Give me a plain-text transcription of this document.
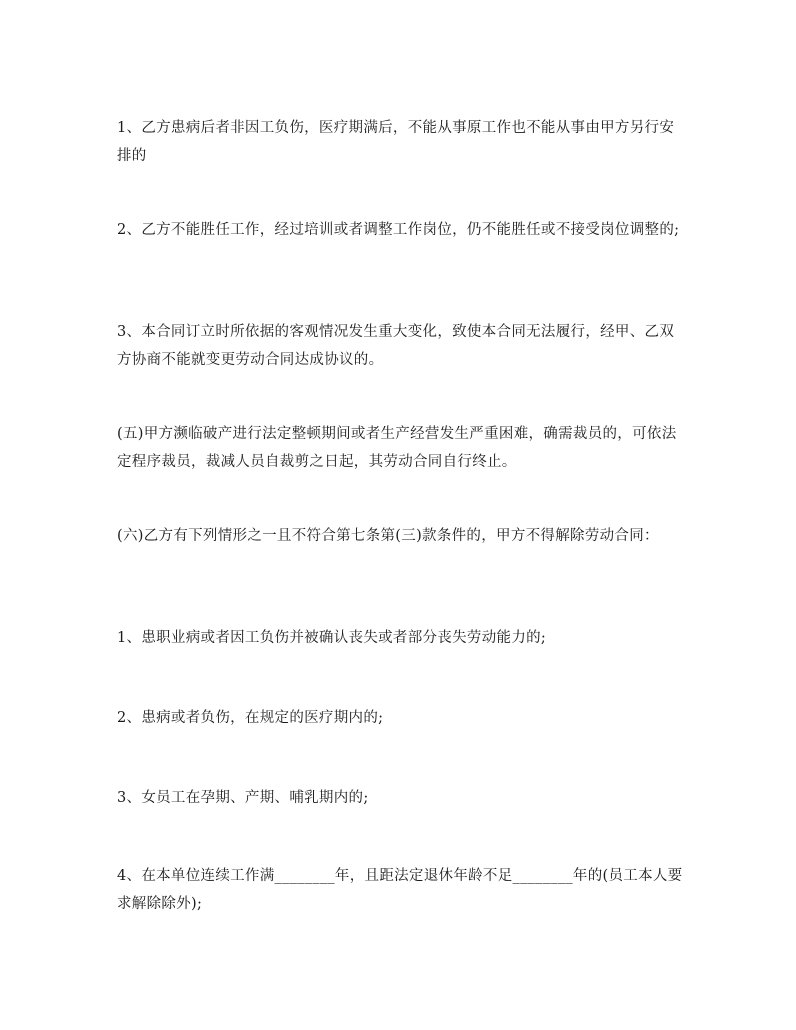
1、乙方患病后者非因工负伤，医疗期满后，不能从事原工作也不能从事由甲方另行安排的

2、乙方不能胜任工作，经过培训或者调整工作岗位，仍不能胜任或不接受岗位调整的;

3、本合同订立时所依据的客观情况发生重大变化，致使本合同无法履行，经甲、乙双方协商不能就变更劳动合同达成协议的。

(五)甲方濒临破产进行法定整顿期间或者生产经营发生严重困难，确需裁员的，可依法定程序裁员，裁减人员自裁剪之日起，其劳动合同自行终止。

(六)乙方有下列情形之一且不符合第七条第(三)款条件的，甲方不得解除劳动合同：

1、患职业病或者因工负伤并被确认丧失或者部分丧失劳动能力的;

2、患病或者负伤，在规定的医疗期内的;

3、女员工在孕期、产期、哺乳期内的;

4、在本单位连续工作满________年，且距法定退休年龄不足________年的(员工本人要求解除除外);
